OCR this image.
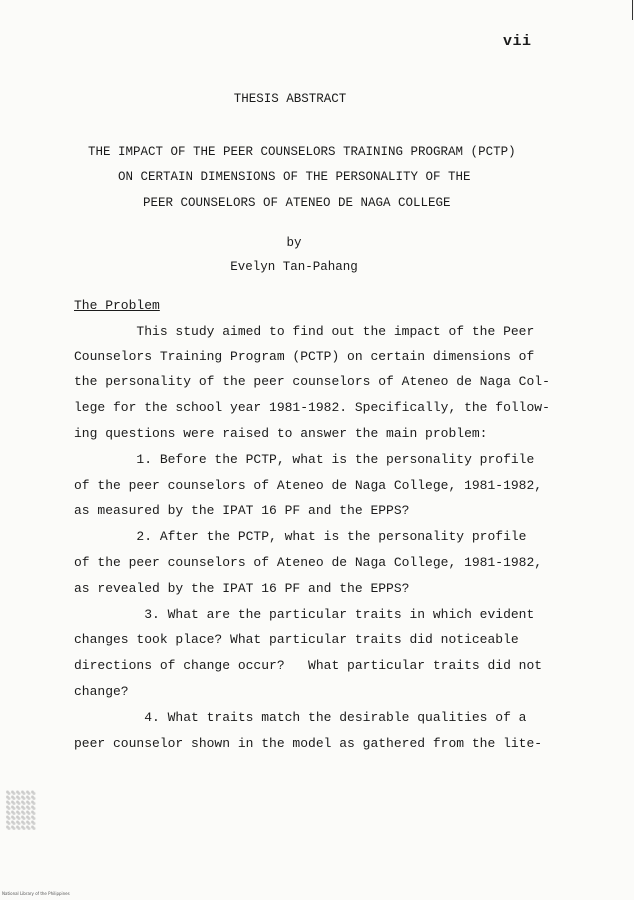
vii
THESIS ABSTRACT
THE IMPACT OF THE PEER COUNSELORS TRAINING PROGRAM (PCTP)
ON CERTAIN DIMENSIONS OF THE PERSONALITY OF THE
PEER COUNSELORS OF ATENEO DE NAGA COLLEGE
by
Evelyn Tan-Pahang
The Problem
This study aimed to find out the impact of the Peer
Counselors Training Program (PCTP) on certain dimensions of
the personality of the peer counselors of Ateneo de Naga Col-
lege for the school year 1981-1982. Specifically, the follow-
ing questions were raised to answer the main problem:
1. Before the PCTP, what is the personality profile
of the peer counselors of Ateneo de Naga College, 1981-1982,
as measured by the IPAT 16 PF and the EPPS?
2. After the PCTP, what is the personality profile
of the peer counselors of Ateneo de Naga College, 1981-1982,
as revealed by the IPAT 16 PF and the EPPS?
3. What are the particular traits in which evident
changes took place? What particular traits did noticeable
directions of change occur?   What particular traits did not
change?
4. What traits match the desirable qualities of a
peer counselor shown in the model as gathered from the lite-
National Library of the Philippines
